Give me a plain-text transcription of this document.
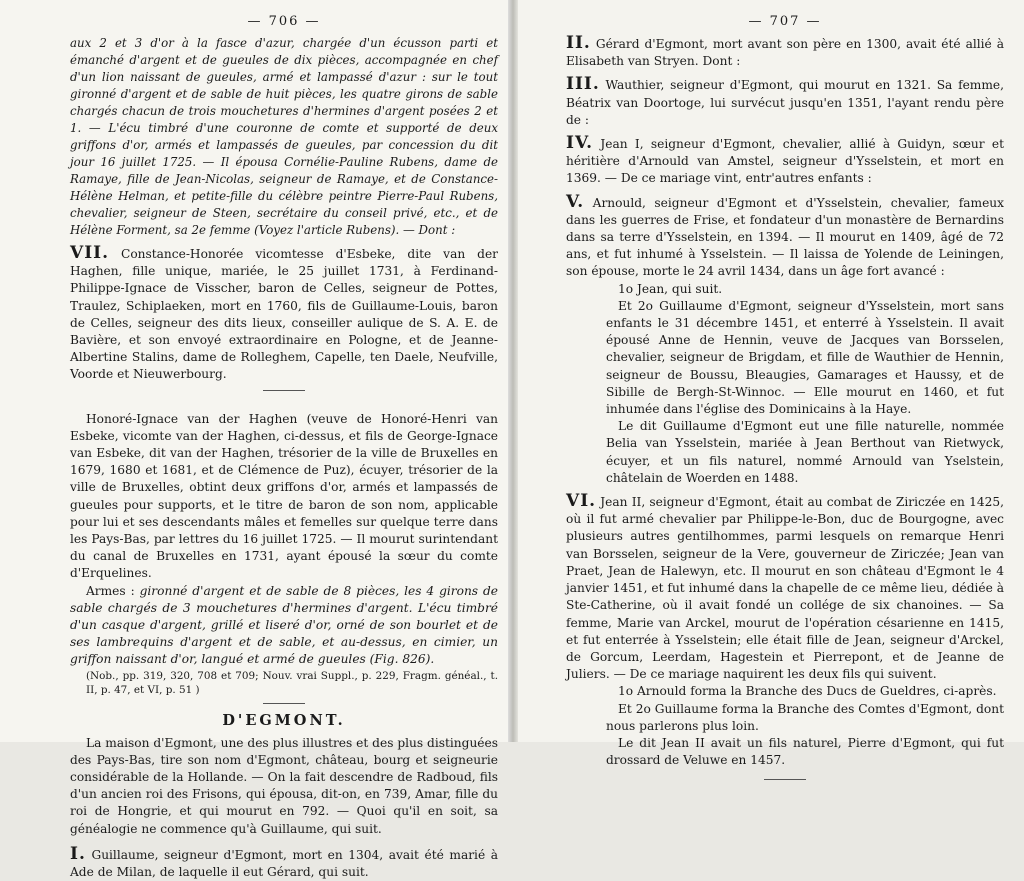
— 706 —

aux 2 et 3 d'or à la fasce d'azur, chargée d'un écusson parti et émanché d'argent et de gueules de dix pièces, accompagnée en chef d'un lion naissant de gueules, armé et lampassé d'azur : sur le tout gironné d'argent et de sable de huit pièces, les quatre girons de sable chargés chacun de trois mouchetures d'hermines d'argent posées 2 et 1. — L'écu timbré d'une couronne de comte et supporté de deux griffons d'or, armés et lampassés de gueules, par concession du dit jour 16 juillet 1725. — Il épousa Cornélie-Pauline Rubens, dame de Ramaye, fille de Jean-Nicolas, seigneur de Ramaye, et de Constance-Hélène Helman, et petite-fille du célèbre peintre Pierre-Paul Rubens, chevalier, seigneur de Steen, secrétaire du conseil privé, etc., et de Hélène Forment, sa 2e femme (Voyez l'article Rubens). — Dont :

VII. Constance-Honorée vicomtesse d'Esbeke, dite van der Haghen, fille unique, mariée, le 25 juillet 1731, à Ferdinand-Philippe-Ignace de Visscher, baron de Celles, seigneur de Pottes, Traulez, Schiplaeken, mort en 1760, fils de Guillaume-Louis, baron de Celles, seigneur des dits lieux, conseiller aulique de S. A. E. de Bavière, et son envoyé extraordinaire en Pologne, et de Jeanne-Albertine Stalins, dame de Rolleghem, Capelle, ten Daele, Neufville, Voorde et Nieuwerbourg.

Honoré-Ignace van der Haghen (veuve de Honoré-Henri van Esbeke, vicomte van der Haghen, ci-dessus, et fils de George-Ignace van Esbeke, dit van der Haghen, trésorier de la ville de Bruxelles en 1679, 1680 et 1681, et de Clémence de Puz), écuyer, trésorier de la ville de Bruxelles, obtint deux griffons d'or, armés et lampassés de gueules pour supports, et le titre de baron de son nom, applicable pour lui et ses descendants mâles et femelles sur quelque terre dans les Pays-Bas, par lettres du 16 juillet 1725. — Il mourut surintendant du canal de Bruxelles en 1731, ayant épousé la sœur du comte d'Erquelines.

Armes : gironné d'argent et de sable de 8 pièces, les 4 girons de sable chargés de 3 mouchetures d'hermines d'argent. L'écu timbré d'un casque d'argent, grillé et liseré d'or, orné de son bourlet et de ses lambrequins d'argent et de sable, et au-dessus, en cimier, un griffon naissant d'or, langué et armé de gueules (Fig. 826).

(Nob., pp. 319, 320, 708 et 709; Nouv. vrai Suppl., p. 229, Fragm. généal., t. II, p. 47, et VI, p. 51 )

D'EGMONT.

La maison d'Egmont, une des plus illustres et des plus distinguées des Pays-Bas, tire son nom d'Egmont, château, bourg et seigneurie considérable de la Hollande. — On la fait descendre de Radboud, fils d'un ancien roi des Frisons, qui épousa, dit-on, en 739, Amar, fille du roi de Hongrie, et qui mourut en 792. — Quoi qu'il en soit, sa généalogie ne commence qu'à Guillaume, qui suit.

I. Guillaume, seigneur d'Egmont, mort en 1304, avait été marié à Ade de Milan, de laquelle il eut Gérard, qui suit.

— 707 —

II. Gérard d'Egmont, mort avant son père en 1300, avait été allié à Elisabeth van Stryen. Dont :

III. Wauthier, seigneur d'Egmont, qui mourut en 1321. Sa femme, Béatrix van Doortoge, lui survécut jusqu'en 1351, l'ayant rendu père de :

IV. Jean I, seigneur d'Egmont, chevalier, allié à Guidyn, sœur et héritière d'Arnould van Amstel, seigneur d'Ysselstein, et mort en 1369. — De ce mariage vint, entr'autres enfants :

V. Arnould, seigneur d'Egmont et d'Ysselstein, chevalier, fameux dans les guerres de Frise, et fondateur d'un monastère de Bernardins dans sa terre d'Ysselstein, en 1394. — Il mourut en 1409, âgé de 72 ans, et fut inhumé à Ysselstein. — Il laissa de Yolende de Leiningen, son épouse, morte le 24 avril 1434, dans un âge fort avancé :

1o Jean, qui suit.

Et 2o Guillaume d'Egmont, seigneur d'Ysselstein, mort sans enfants le 31 décembre 1451, et enterré à Ysselstein. Il avait épousé Anne de Hennin, veuve de Jacques van Borsselen, chevalier, seigneur de Brigdam, et fille de Wauthier de Hennin, seigneur de Boussu, Bleaugies, Gamarages et Haussy, et de Sibille de Bergh-St-Winnoc. — Elle mourut en 1460, et fut inhumée dans l'église des Dominicains à la Haye.

Le dit Guillaume d'Egmont eut une fille naturelle, nommée Belia van Ysselstein, mariée à Jean Berthout van Rietwyck, écuyer, et un fils naturel, nommé Arnould van Yselstein, châtelain de Woerden en 1488.

VI. Jean II, seigneur d'Egmont, était au combat de Ziriczée en 1425, où il fut armé chevalier par Philippe-le-Bon, duc de Bourgogne, avec plusieurs autres gentilhommes, parmi lesquels on remarque Henri van Borsselen, seigneur de la Vere, gouverneur de Ziriczée; Jean van Praet, Jean de Halewyn, etc. Il mourut en son château d'Egmont le 4 janvier 1451, et fut inhumé dans la chapelle de ce même lieu, dédiée à Ste-Catherine, où il avait fondé un collége de six chanoines. — Sa femme, Marie van Arckel, mourut de l'opération césarienne en 1415, et fut enterrée à Ysselstein; elle était fille de Jean, seigneur d'Arckel, de Gorcum, Leerdam, Hagestein et Pierrepont, et de Jeanne de Juliers. — De ce mariage naquirent les deux fils qui suivent.

1o Arnould forma la Branche des Ducs de Gueldres, ci-après.

Et 2o Guillaume forma la Branche des Comtes d'Egmont, dont nous parlerons plus loin.

Le dit Jean II avait un fils naturel, Pierre d'Egmont, qui fut drossard de Veluwe en 1457.
